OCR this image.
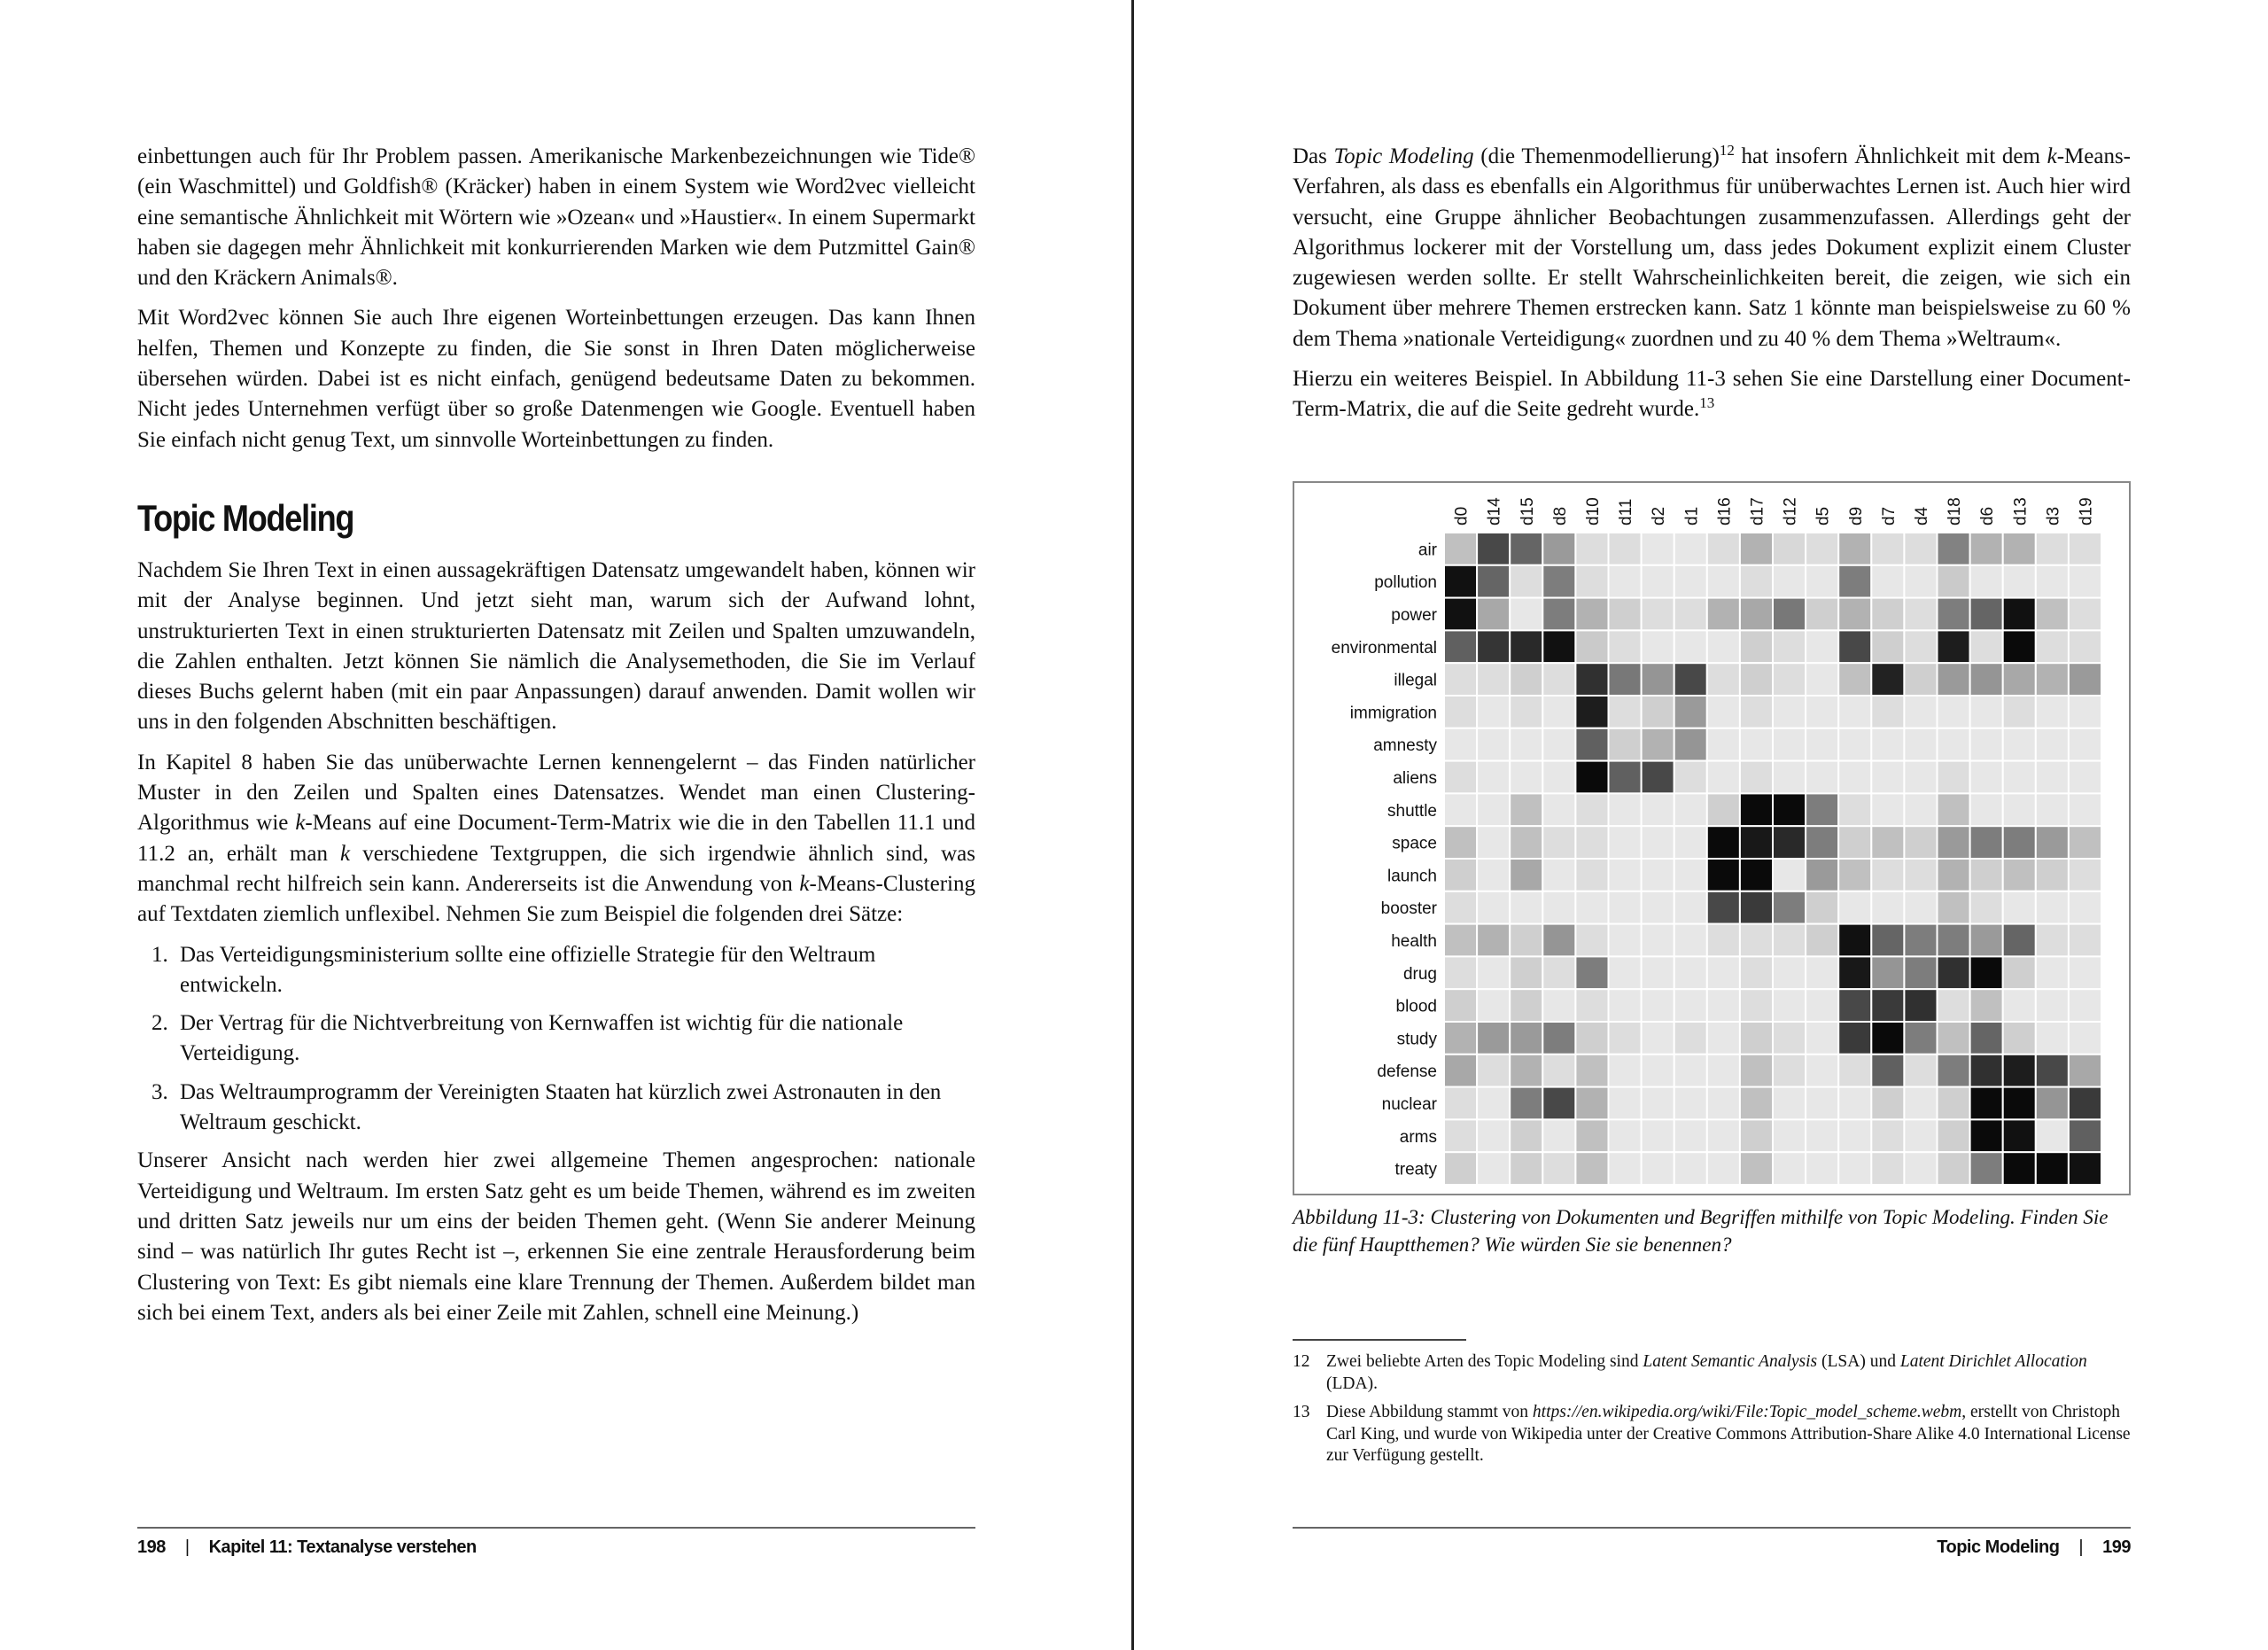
einbettungen auch für Ihr Problem passen. Amerikanische Markenbezeichnungen wie Tide® (ein Waschmittel) und Goldfish® (Kräcker) haben in einem System wie Word2vec vielleicht eine semantische Ähnlichkeit mit Wörtern wie »Ozean« und »Haustier«. In einem Supermarkt haben sie dagegen mehr Ähnlichkeit mit konkurrierenden Marken wie dem Putzmittel Gain® und den Kräckern Animals®.

Mit Word2vec können Sie auch Ihre eigenen Worteinbettungen erzeugen. Das kann Ihnen helfen, Themen und Konzepte zu finden, die Sie sonst in Ihren Daten möglicherweise übersehen würden. Dabei ist es nicht einfach, genügend bedeutsame Daten zu bekommen. Nicht jedes Unternehmen verfügt über so große Datenmengen wie Google. Eventuell haben Sie einfach nicht genug Text, um sinnvolle Worteinbettungen zu finden.

Topic Modeling

Nachdem Sie Ihren Text in einen aussagekräftigen Datensatz umgewandelt haben, können wir mit der Analyse beginnen. Und jetzt sieht man, warum sich der Aufwand lohnt, unstrukturierten Text in einen strukturierten Datensatz mit Zeilen und Spalten umzuwandeln, die Zahlen enthalten. Jetzt können Sie nämlich die Analysemethoden, die Sie im Verlauf dieses Buchs gelernt haben (mit ein paar Anpassungen) darauf anwenden. Damit wollen wir uns in den folgenden Abschnitten beschäftigen.

In Kapitel 8 haben Sie das unüberwachte Lernen kennengelernt – das Finden natürlicher Muster in den Zeilen und Spalten eines Datensatzes. Wendet man einen Clustering-Algorithmus wie k-Means auf eine Document-Term-Matrix wie die in den Tabellen 11.1 und 11.2 an, erhält man k verschiedene Textgruppen, die sich irgendwie ähnlich sind, was manchmal recht hilfreich sein kann. Andererseits ist die Anwendung von k-Means-Clustering auf Textdaten ziemlich unflexibel. Nehmen Sie zum Beispiel die folgenden drei Sätze:

1. Das Verteidigungsministerium sollte eine offizielle Strategie für den Weltraum entwickeln.
2. Der Vertrag für die Nichtverbreitung von Kernwaffen ist wichtig für die nationale Verteidigung.
3. Das Weltraumprogramm der Vereinigten Staaten hat kürzlich zwei Astronauten in den Weltraum geschickt.

Unserer Ansicht nach werden hier zwei allgemeine Themen angesprochen: nationale Verteidigung und Weltraum. Im ersten Satz geht es um beide Themen, während es im zweiten und dritten Satz jeweils nur um eins der beiden Themen geht. (Wenn Sie anderer Meinung sind – was natürlich Ihr gutes Recht ist –, erkennen Sie eine zentrale Herausforderung beim Clustering von Text: Es gibt niemals eine klare Trennung der Themen. Außerdem bildet man sich bei einem Text, anders als bei einer Zeile mit Zahlen, schnell eine Meinung.)

198 | Kapitel 11: Textanalyse verstehen

Das Topic Modeling (die Themenmodellierung)$^{12}$ hat insofern Ähnlichkeit mit dem k-Means-Verfahren, als dass es ebenfalls ein Algorithmus für unüberwachtes Lernen ist. Auch hier wird versucht, eine Gruppe ähnlicher Beobachtungen zusammenzufassen. Allerdings geht der Algorithmus lockerer mit der Vorstellung um, dass jedes Dokument explizit einem Cluster zugewiesen werden sollte. Er stellt Wahrscheinlichkeiten bereit, die zeigen, wie sich ein Dokument über mehrere Themen erstrecken kann. Satz 1 könnte man beispielsweise zu 60 % dem Thema »nationale Verteidigung« zuordnen und zu 40 % dem Thema »Weltraum«.

Hierzu ein weiteres Beispiel. In Abbildung 11-3 sehen Sie eine Darstellung einer Document-Term-Matrix, die auf die Seite gedreht wurde.$^{13}$

d0 d14 d15 d8 d10 d11 d2 d1 d16 d17 d12 d5 d9 d7 d4 d18 d6 d13 d3 d19
air
pollution
power
environmental
illegal
immigration
amnesty
aliens
shuttle
space
launch
booster
health
drug
blood
study
defense
nuclear
arms
treaty
Abbildung 11-3: Clustering von Dokumenten und Begriffen mithilfe von Topic Modeling. Finden Sie die fünf Hauptthemen? Wie würden Sie sie benennen?
12 Zwei beliebte Arten des Topic Modeling sind Latent Semantic Analysis (LSA) und Latent Dirichlet Allocation (LDA).
13 Diese Abbildung stammt von https://en.wikipedia.org/wiki/File:Topic_model_scheme.webm, erstellt von Christoph Carl King, und wurde von Wikipedia unter der Creative Commons Attribution-Share Alike 4.0 International License zur Verfügung gestellt.
Topic Modeling | 199
